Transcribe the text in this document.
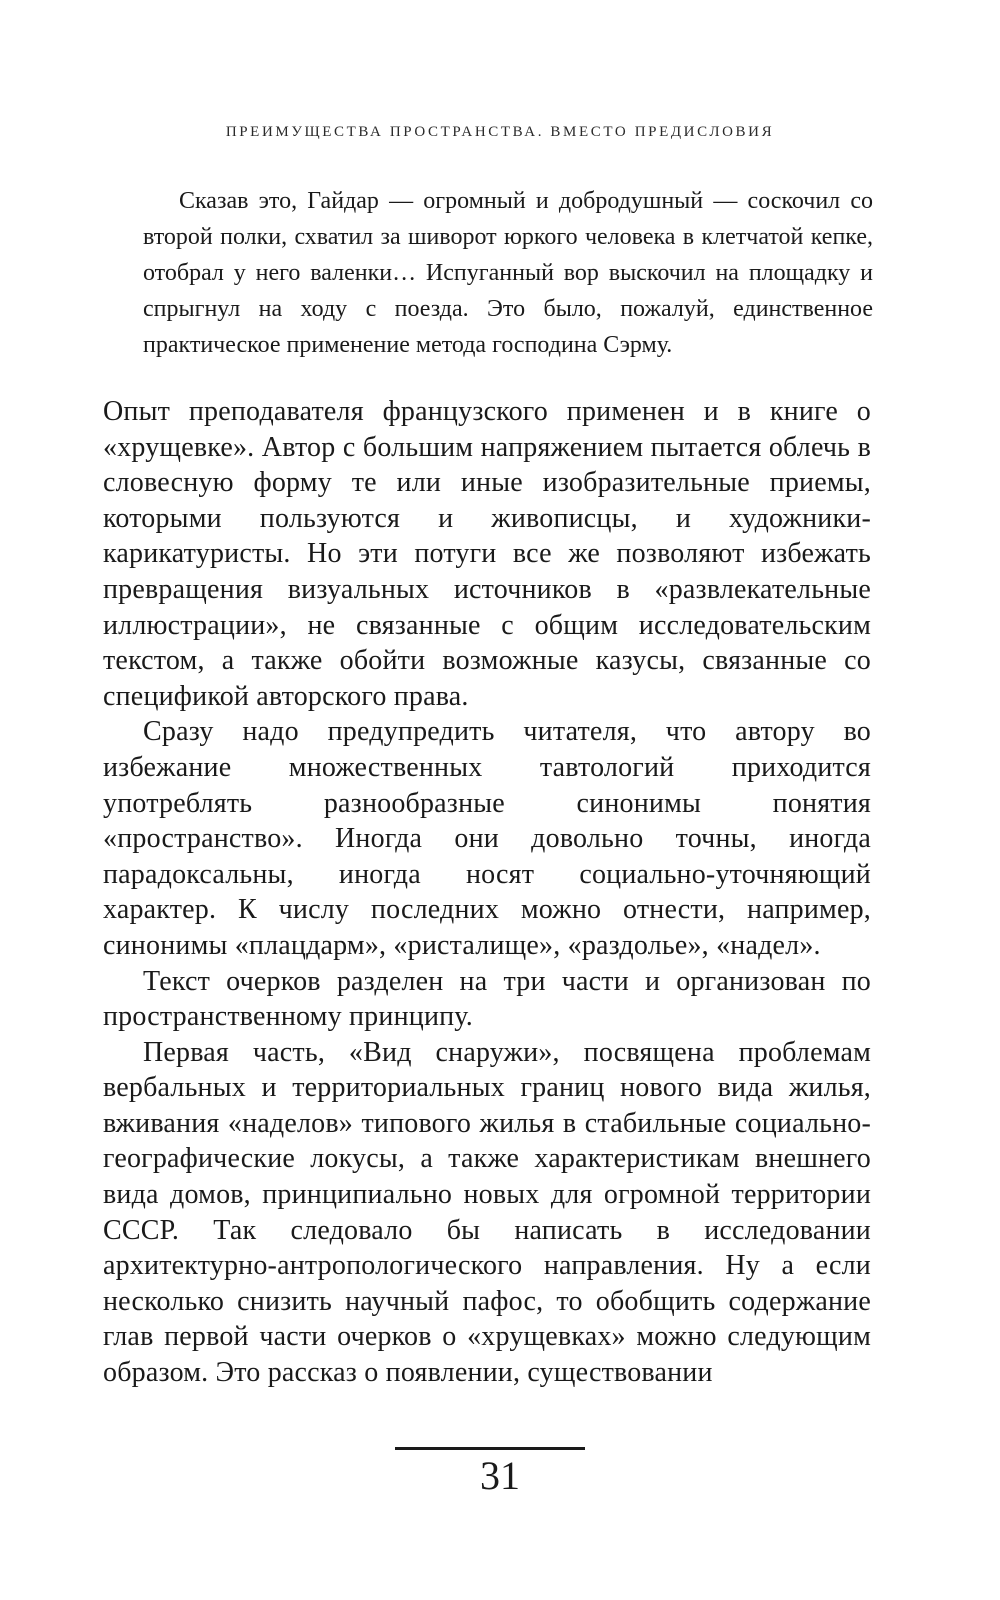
ПРЕИМУЩЕСТВА ПРОСТРАНСТВА. ВМЕСТО ПРЕДИСЛОВИЯ

Сказав это, Гайдар — огромный и добродушный — соскочил со второй полки, схватил за шиворот юркого человека в клетчатой кепке, отобрал у него валенки… Испуганный вор выскочил на площадку и спрыгнул на ходу с поезда. Это было, пожалуй, единственное практическое применение метода господина Сэрму.

Опыт преподавателя французского применен и в книге о «хрущевке». Автор с большим напряжением пытается облечь в словесную форму те или иные изобразительные приемы, которыми пользуются и живописцы, и художники-карикатуристы. Но эти потуги все же позволяют избежать превращения визуальных источников в «развлекательные иллюстрации», не связанные с общим исследовательским текстом, а также обойти возможные казусы, связанные со спецификой авторского права.

Сразу надо предупредить читателя, что автору во избежание множественных тавтологий приходится употреблять разнообразные синонимы понятия «пространство». Иногда они довольно точны, иногда парадоксальны, иногда носят социально-уточняющий характер. К числу последних можно отнести, например, синонимы «плацдарм», «ристалище», «раздолье», «надел».

Текст очерков разделен на три части и организован по пространственному принципу.

Первая часть, «Вид снаружи», посвящена проблемам вербальных и территориальных границ нового вида жилья, вживания «наделов» типового жилья в стабильные социально-географические локусы, а также характеристикам внешнего вида домов, принципиально новых для огромной территории СССР. Так следовало бы написать в исследовании архитектурно-антропологического направления. Ну а если несколько снизить научный пафос, то обобщить содержание глав первой части очерков о «хрущевках» можно следующим образом. Это рассказ о появлении, существовании

31
